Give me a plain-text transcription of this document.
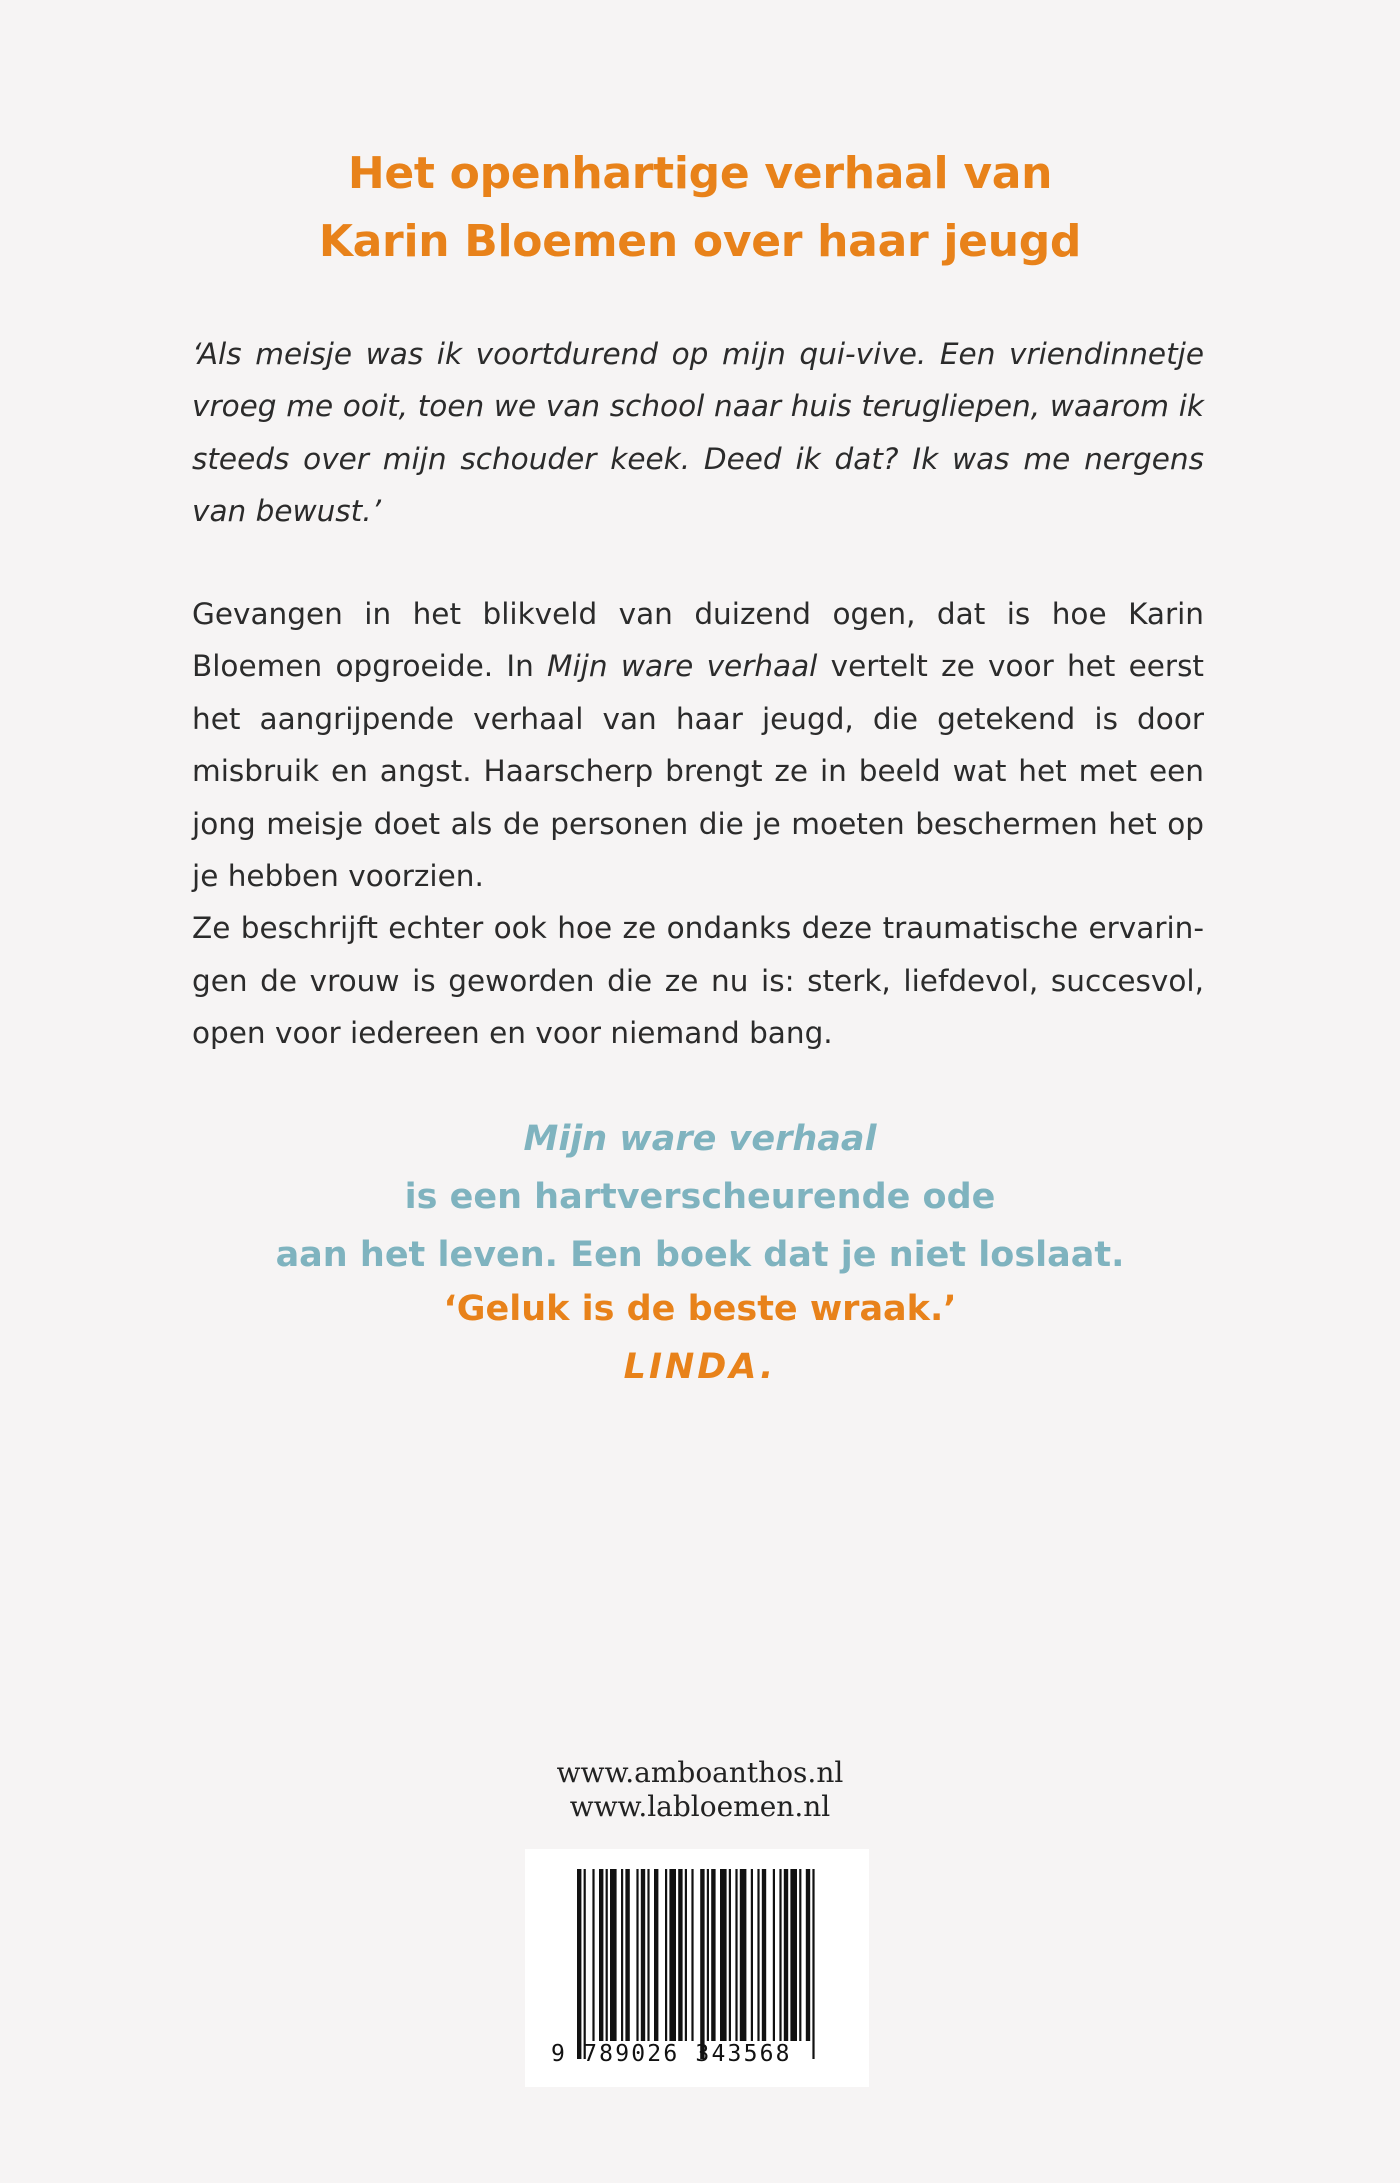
Het openhartige verhaal van
Karin Bloemen over haar jeugd
‘Als meisje was ik voortdurend op mijn qui-vive. Een vriendinnetje vroeg me ooit, toen we van school naar huis terugliepen, waarom ik steeds over mijn schouder keek. Deed ik dat? Ik was me nergens van bewust.’

Gevangen in het blikveld van duizend ogen, dat is hoe Karin Bloemen opgroeide. In Mijn ware verhaal vertelt ze voor het eerst het aangrijpende verhaal van haar jeugd, die getekend is door misbruik en angst. Haarscherp brengt ze in beeld wat het met een jong meisje doet als de personen die je moeten beschermen het op je hebben voorzien.

Ze beschrijft echter ook hoe ze ondanks deze traumatische ervaringen de vrouw is geworden die ze nu is: sterk, liefdevol, succesvol, open voor iedereen en voor niemand bang.

Mijn ware verhaal
is een hartverscheurende ode
aan het leven. Een boek dat je niet loslaat.
‘Geluk is de beste wraak.’
LINDA.
www.amboanthos.nl
www.labloemen.nl
9 789026 343568
